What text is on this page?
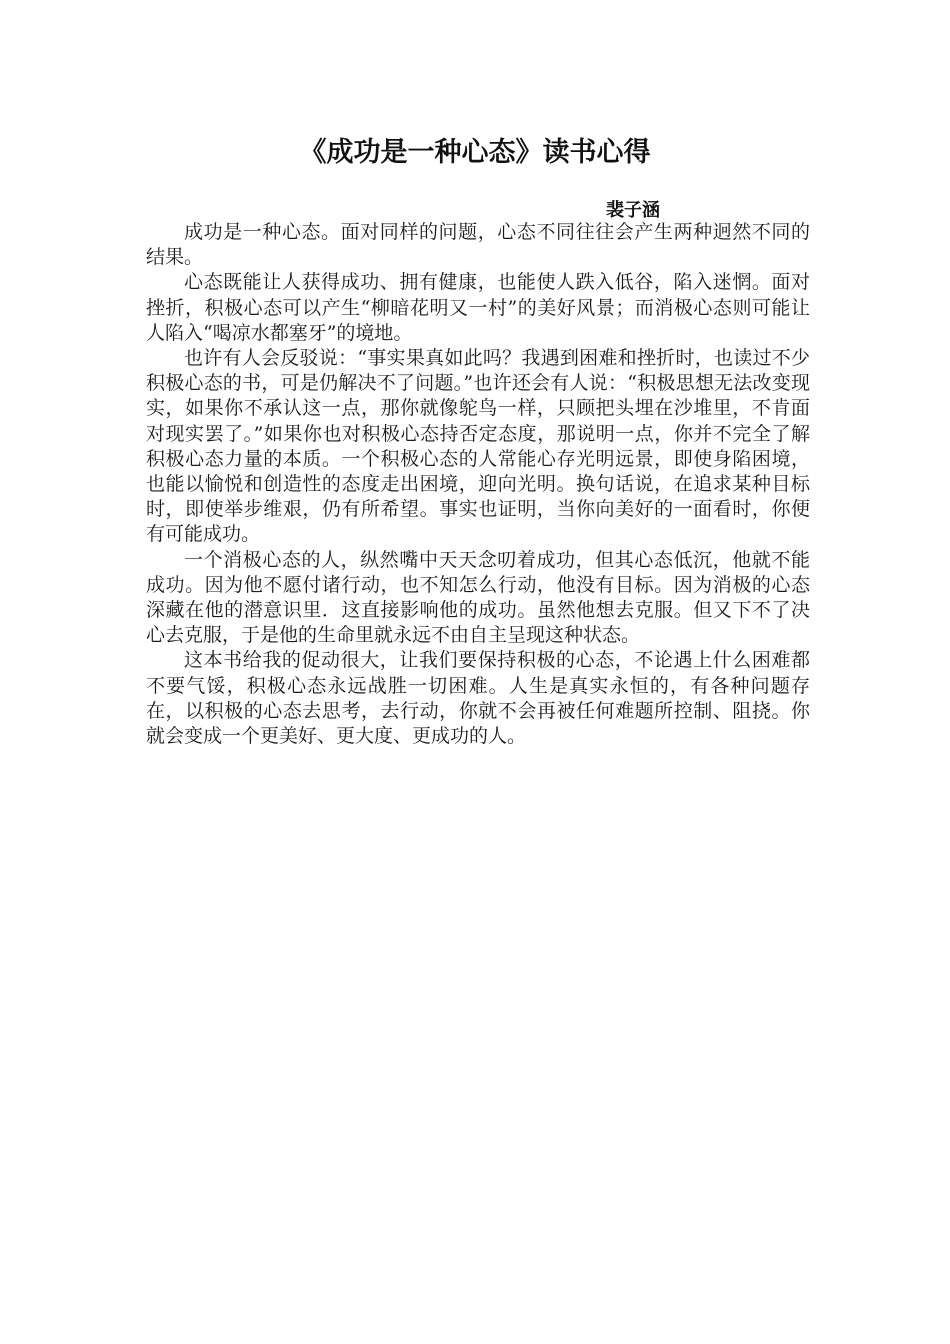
《成功是一种心态》读书心得
裴子涵

成功是一种心态。面对同样的问题，心态不同往往会产生两种迥然不同的结果。

心态既能让人获得成功、拥有健康，也能使人跌入低谷，陷入迷惘。面对挫折，积极心态可以产生“柳暗花明又一村”的美好风景；而消极心态则可能让人陷入“喝凉水都塞牙”的境地。

也许有人会反驳说：“事实果真如此吗？我遇到困难和挫折时，也读过不少积极心态的书，可是仍解决不了问题。”也许还会有人说：“积极思想无法改变现实，如果你不承认这一点，那你就像鸵鸟一样，只顾把头埋在沙堆里，不肯面对现实罢了。”如果你也对积极心态持否定态度，那说明一点，你并不完全了解积极心态力量的本质。一个积极心态的人常能心存光明远景，即使身陷困境，也能以愉悦和创造性的态度走出困境，迎向光明。换句话说，在追求某种目标时，即使举步维艰，仍有所希望。事实也证明，当你向美好的一面看时，你便有可能成功。

一个消极心态的人，纵然嘴中天天念叨着成功，但其心态低沉，他就不能成功。因为他不愿付诸行动，也不知怎么行动，他没有目标。因为消极的心态深藏在他的潜意识里．这直接影响他的成功。虽然他想去克服。但又下不了决心去克服，于是他的生命里就永远不由自主呈现这种状态。

这本书给我的促动很大，让我们要保持积极的心态，不论遇上什么困难都不要气馁，积极心态永远战胜一切困难。人生是真实永恒的，有各种问题存在，以积极的心态去思考，去行动，你就不会再被任何难题所控制、阻挠。你就会变成一个更美好、更大度、更成功的人。
